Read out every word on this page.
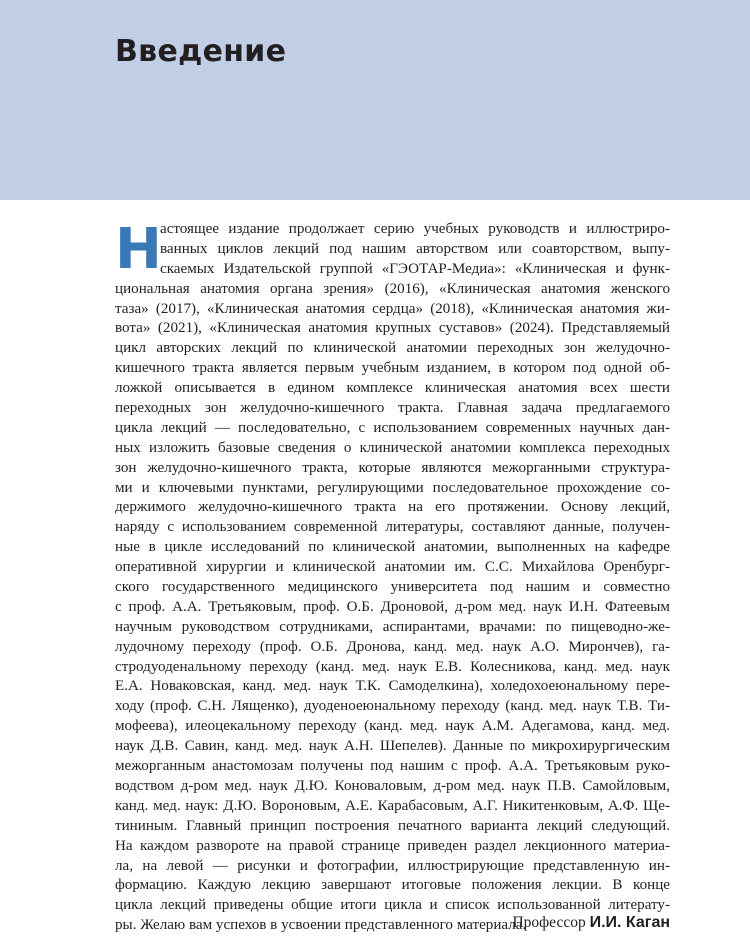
Введение
Н
астоящее издание продолжает серию учебных руководств и иллюстриро-
ванных циклов лекций под нашим авторством или соавторством, выпу-
скаемых Издательской группой «ГЭОТАР-Медиа»: «Клиническая и функ-
циональная анатомия органа зрения» (2016), «Клиническая анатомия женского
таза» (2017), «Клиническая анатомия сердца» (2018), «Клиническая анатомия жи-
вота» (2021), «Клиническая анатомия крупных суставов» (2024). Представляемый
цикл авторских лекций по клинической анатомии переходных зон желудочно-
кишечного тракта является первым учебным изданием, в котором под одной об-
ложкой описывается в едином комплексе клиническая анатомия всех шести
переходных зон желудочно-кишечного тракта. Главная задача предлагаемого
цикла лекций — последовательно, с использованием современных научных дан-
ных изложить базовые сведения о клинической анатомии комплекса переходных
зон желудочно-кишечного тракта, которые являются межорганными структура-
ми и ключевыми пунктами, регулирующими последовательное прохождение со-
держимого желудочно-кишечного тракта на его протяжении. Основу лекций,
наряду с использованием современной литературы, составляют данные, получен-
ные в цикле исследований по клинической анатомии, выполненных на кафедре
оперативной хирургии и клинической анатомии им. С.С. Михайлова Оренбург-
ского государственного медицинского университета под нашим и совместно
с проф. А.А. Третьяковым, проф. О.Б. Дроновой, д-ром мед. наук И.Н. Фатеевым
научным руководством сотрудниками, аспирантами, врачами: по пищеводно-же-
лудочному переходу (проф. О.Б. Дронова, канд. мед. наук А.О. Мирончев), га-
стродуоденальному переходу (канд. мед. наук Е.В. Колесникова, канд. мед. наук
Е.А. Новаковская, канд. мед. наук Т.К. Самоделкина), холедохоеюнальному пере-
ходу (проф. С.Н. Лященко), дуоденоеюнальному переходу (канд. мед. наук Т.В. Ти-
мофеева), илеоцекальному переходу (канд. мед. наук А.М. Адегамова, канд. мед.
наук Д.В. Савин, канд. мед. наук А.Н. Шепелев). Данные по микрохирургическим
межорганным анастомозам получены под нашим с проф. А.А. Третьяковым руко-
водством д-ром мед. наук Д.Ю. Коноваловым, д-ром мед. наук П.В. Самойловым,
канд. мед. наук: Д.Ю. Вороновым, А.Е. Карабасовым, А.Г. Никитенковым, А.Ф. Ще-
тининым. Главный принцип построения печатного варианта лекций следующий.
На каждом развороте на правой странице приведен раздел лекционного материа-
ла, на левой — рисунки и фотографии, иллюстрирующие представленную ин-
формацию. Каждую лекцию завершают итоговые положения лекции. В конце
цикла лекций приведены общие итоги цикла и список использованной литерату-
ры. Желаю вам успехов в усвоении представленного материала.
Профессор И.И. Каган
